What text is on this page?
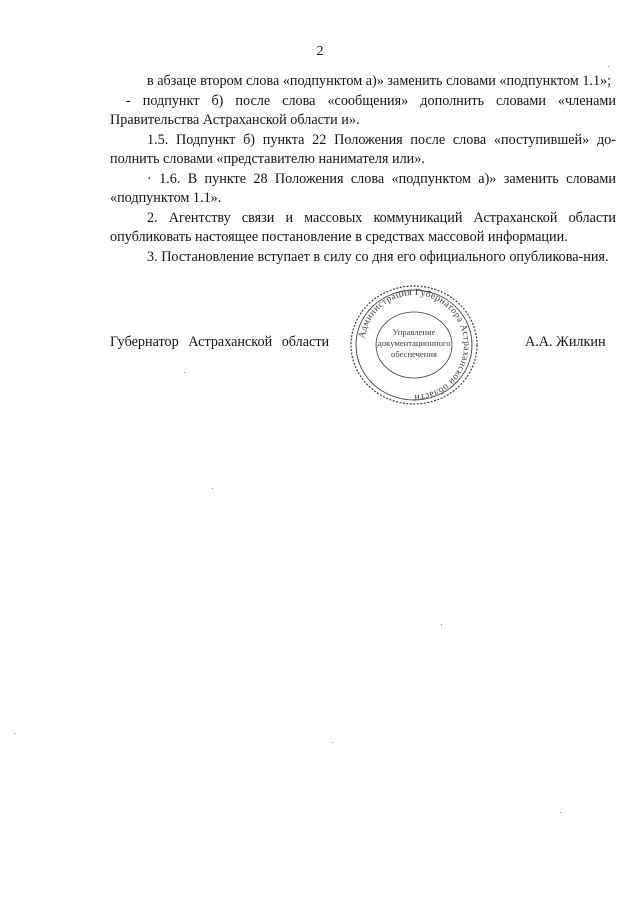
2

в абзаце втором слова «подпунктом а)» заменить словами «подпунктом 1.1»;

- подпункт б) после слова «сообщения» дополнить словами «членами Правительства Астраханской области и».

1.5. Подпункт б) пункта 22 Положения после слова «поступившей» до-полнить словами «представителю нанимателя или».

· 1.6. В пункте 28 Положения слова «подпунктом а)» заменить словами «подпунктом 1.1».

2. Агентству связи и массовых коммуникаций Астраханской области опубликовать настоящее постановление в средствах массовой информации.

3. Постановление вступает в силу со дня его официального опубликова-ния.

Губернатор Астраханской области	Администрация Губернатора Астраханской области
Управление
документационного
обеспечения
А.А. Жилкин
